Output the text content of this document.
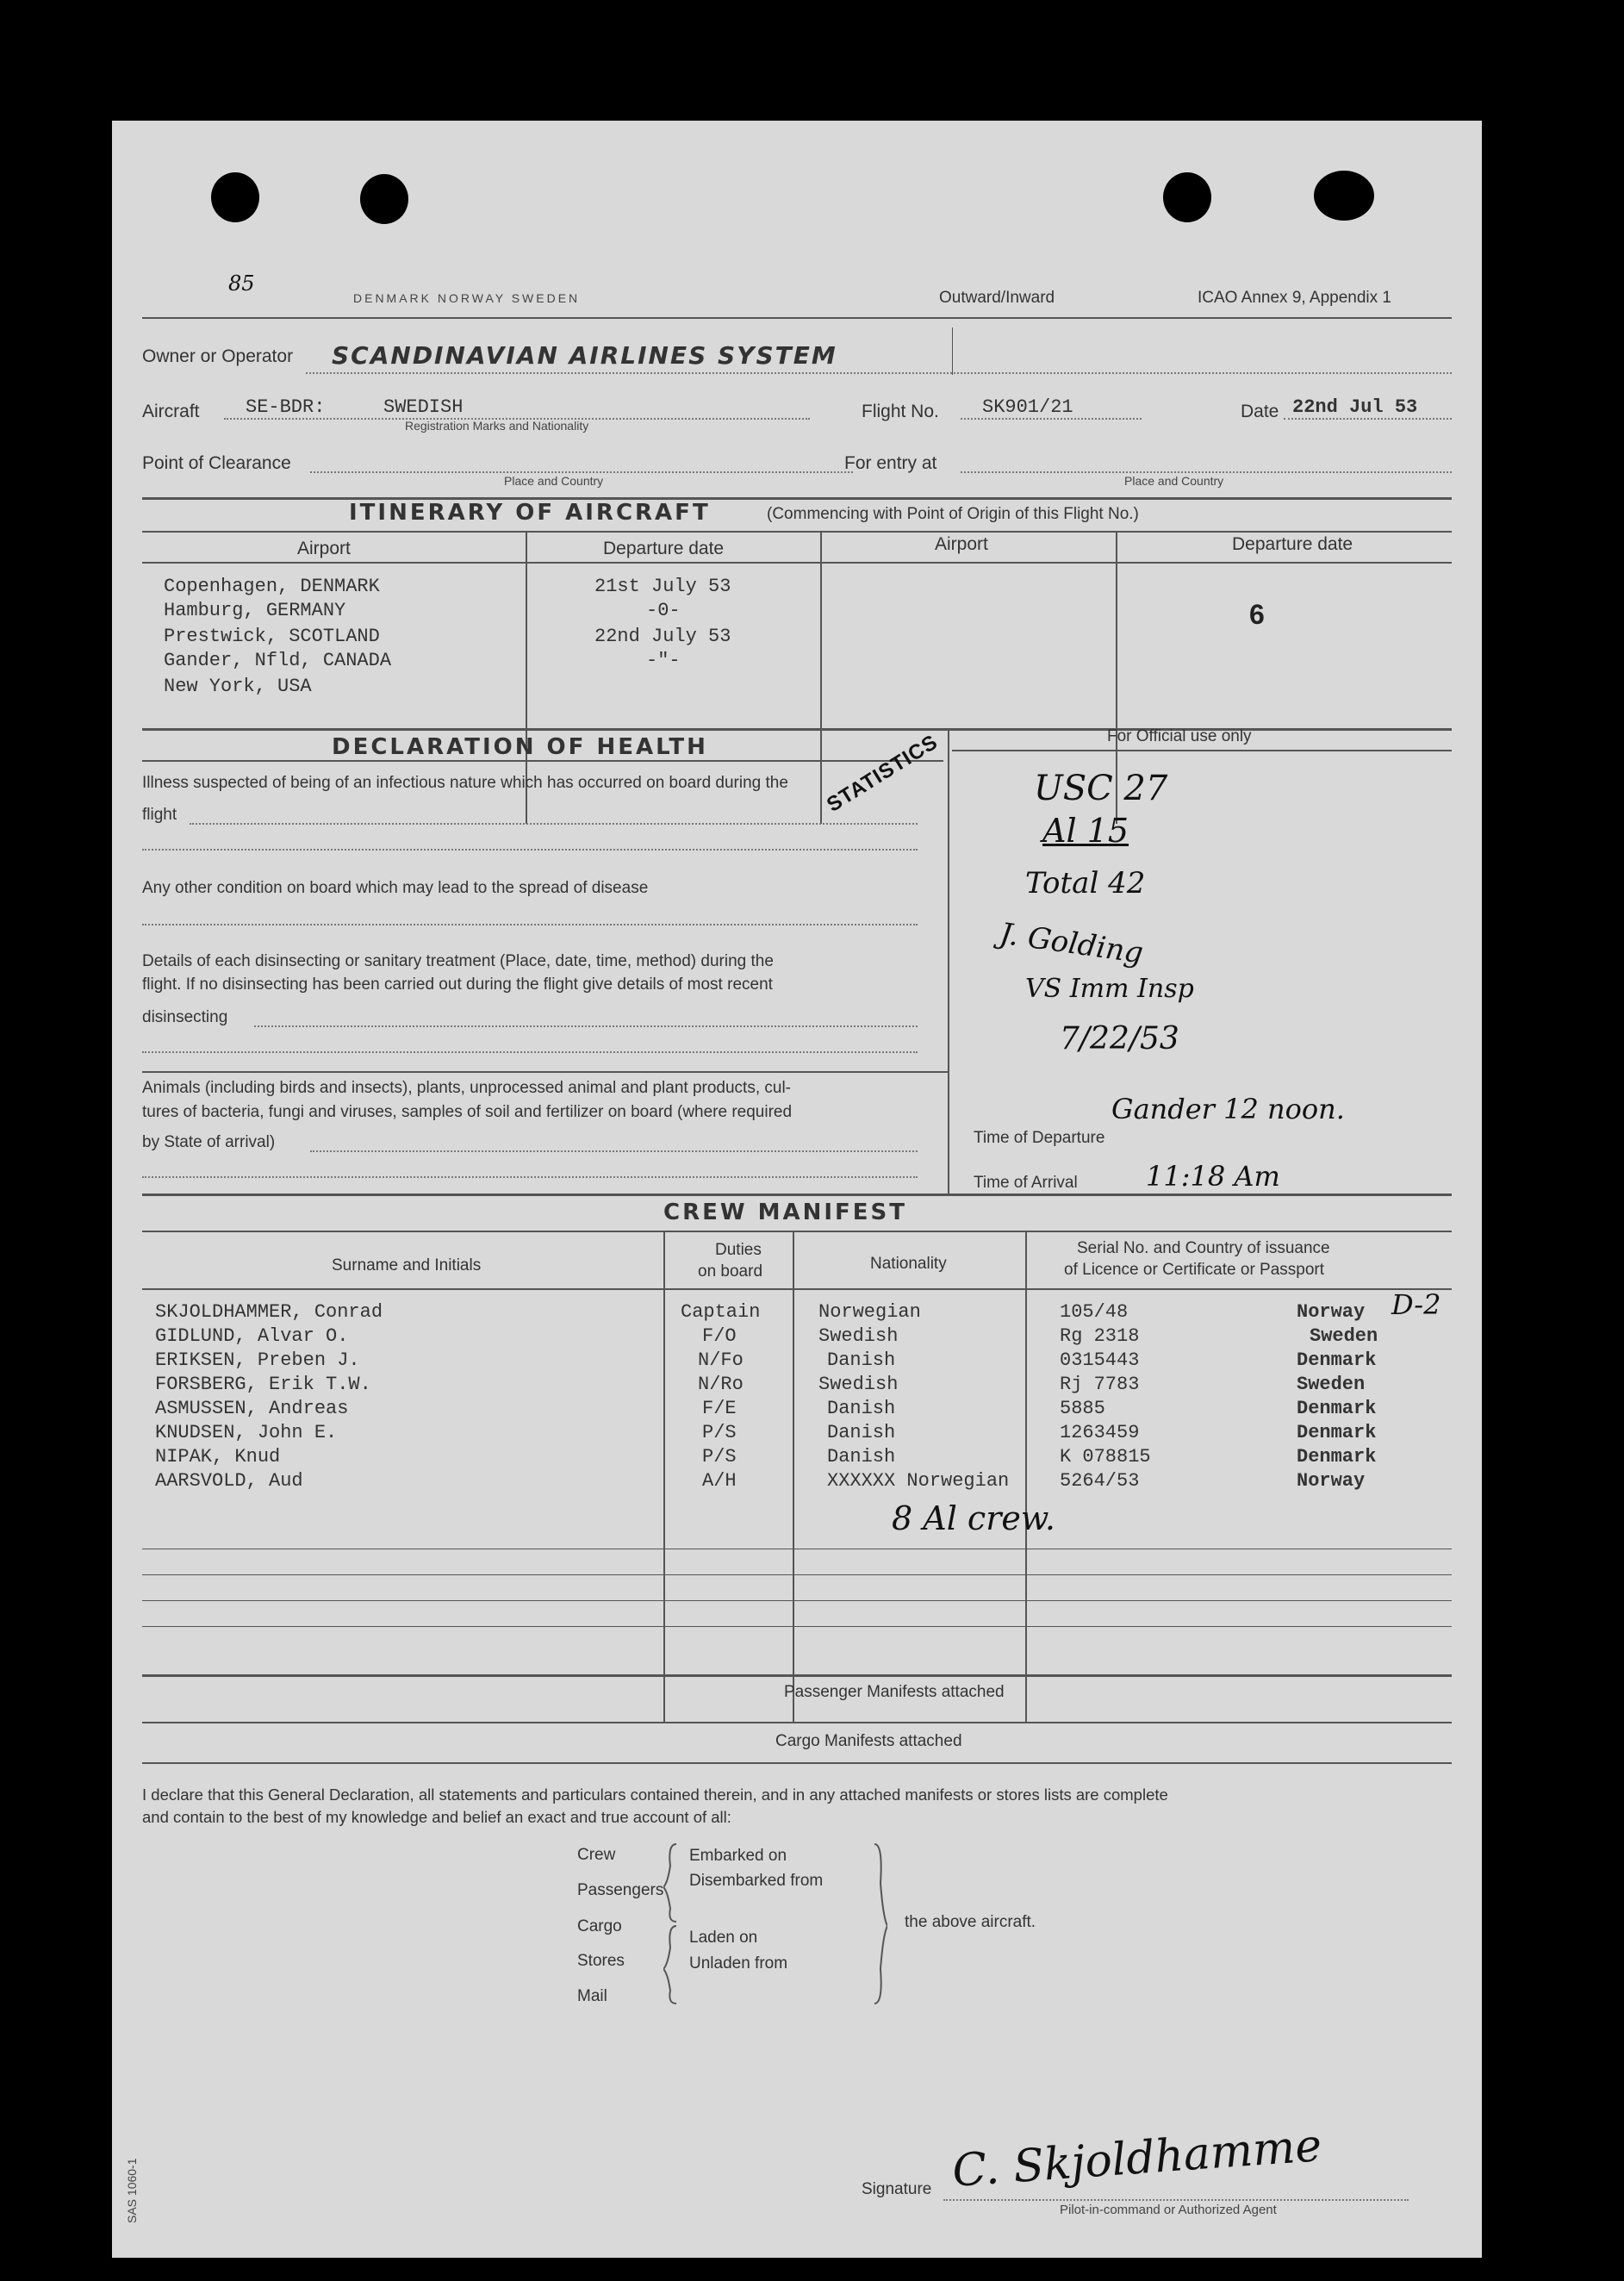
85
DENMARK NORWAY SWEDEN	Outward/Inward	ICAO Annex 9, Appendix 1
Owner or Operator SCANDINAVIAN AIRLINES SYSTEM
Aircraft SE-BDR:	SWEDISH
Registration Marks and Nationality
Flight No. SK901/21	Date 22nd Jul 53
Point of Clearance
Place and Country
For entry at
Place and Country
ITINERARY OF AIRCRAFT	(Commencing with Point of Origin of this Flight No.)
Airport	Departure date	Airport	Departure date
Copenhagen, DENMARK	21st July 53
Hamburg, GERMANY	-0-
Prestwick, SCOTLAND	22nd July 53
Gander, Nfld, CANADA	-"-
New York, USA
6
DECLARATION OF HEALTH	For Official use only
Illness suspected of being of an infectious nature which has occurred on board during the
flight
Any other condition on board which may lead to the spread of disease
Details of each disinsecting or sanitary treatment (Place, date, time, method) during the
flight. If no disinsecting has been carried out during the flight give details of most recent
disinsecting
Animals (including birds and insects), plants, unprocessed animal and plant products, cul-
tures of bacteria, fungi and viruses, samples of soil and fertilizer on board (where required
by State of arrival)
STATISTICS	USC 27
Al 15
Total 42
J. Golding
VS Imm Insp
7/22/53
Time of Departure
Gander 12 noon.
Time of Arrival 11:18 Am
CREW MANIFEST
Surname and Initials
Duties
on board	Nationality
Serial No. and Country of issuance
of Licence or Certificate or Passport
SKJOLDHAMMER, Conrad	Captain	Norwegian	105/48	Norway
GIDLUND, Alvar O.	F/O	Swedish	Rg 2318	Sweden
ERIKSEN, Preben J.	N/Fo	Danish	0315443	Denmark
FORSBERG, Erik T.W.	N/Ro	Swedish	Rj 7783	Sweden
ASMUSSEN, Andreas	F/E	Danish	5885	Denmark
KNUDSEN, John E.	P/S	Danish	1263459	Denmark
NIPAK, Knud	P/S	Danish	K 078815	Denmark
AARSVOLD, Aud	A/H	XXXXXX Norwegian	5264/53	Norway
D-2
8 Al crew.
Passenger Manifests attached
Cargo Manifests attached
I declare that this General Declaration, all statements and particulars contained therein, and in any attached manifests or stores lists are complete
and contain to the best of my knowledge and belief an exact and true account of all:
Crew
Passengers
Cargo
Stores
Mail
Embarked on
Disembarked from
Laden on
Unladen from
the above aircraft.
Signature C. Skjoldhamme
Pilot-in-command or Authorized Agent
SAS 1060-1
